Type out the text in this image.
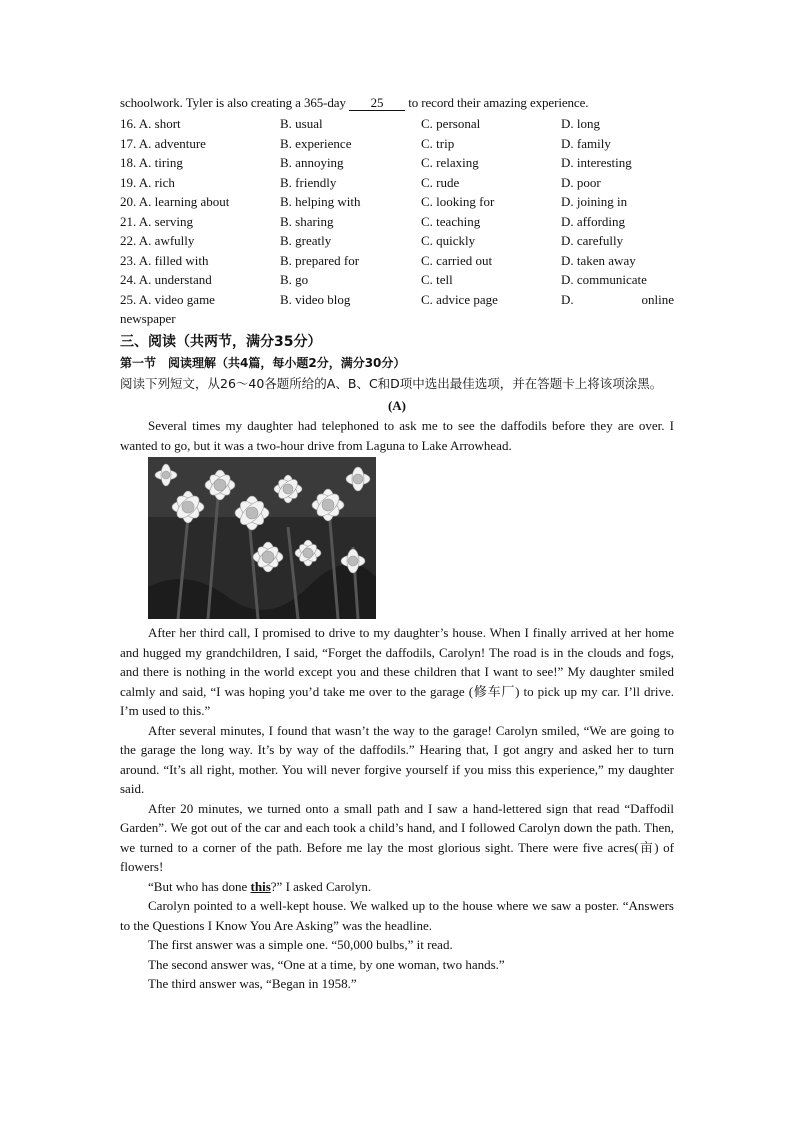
schoolwork. Tyler is also creating a 365-day 25 to record their amazing experience.
16. A. short	B. usual	C. personal	D. long
17. A. adventure	B. experience	C. trip	D. family
18. A. tiring	B. annoying	C. relaxing	D. interesting
19. A. rich	B. friendly	C. rude	D. poor
20. A. learning about	B. helping with	C. looking for	D. joining in
21. A. serving	B. sharing	C. teaching	D. affording
22. A. awfully	B. greatly	C. quickly	D. carefully
23. A. filled with	B. prepared for	C. carried out	D. taken away
24. A. understand	B. go	C. tell	D. communicate
25. A. video game	B. video blog	C. advice page	D.	online
newspaper
三、阅读（共两节，满分35分）
第一节　阅读理解（共4篇，每小题2分，满分30分）
阅读下列短文，从26～40各题所给的A、B、C和D项中选出最佳选项，并在答题卡上将该项涂黑。
(A)

Several times my daughter had telephoned to ask me to see the daffodils before they are over. I wanted to go, but it was a two-hour drive from Laguna to Lake Arrowhead.

After her third call, I promised to drive to my daughter’s house. When I finally arrived at her home and hugged my grandchildren, I said, “Forget the daffodils, Carolyn! The road is in the clouds and fogs, and there is nothing in the world except you and these children that I want to see!” My daughter smiled calmly and said, “I was hoping you’d take me over to the garage (修车厂) to pick up my car. I’ll drive. I’m used to this.”

After several minutes, I found that wasn’t the way to the garage! Carolyn smiled, “We are going to the garage the long way. It’s by way of the daffodils.” Hearing that, I got angry and asked her to turn around. “It’s all right, mother. You will never forgive yourself if you miss this experience,” my daughter said.

After 20 minutes, we turned onto a small path and I saw a hand-lettered sign that read “Daffodil Garden”. We got out of the car and each took a child’s hand, and I followed Carolyn down the path. Then, we turned to a corner of the path. Before me lay the most glorious sight. There were five acres(亩) of flowers!

“But who has done this?” I asked Carolyn.

Carolyn pointed to a well-kept house. We walked up to the house where we saw a poster. “Answers to the Questions I Know You Are Asking” was the headline.

The first answer was a simple one. “50,000 bulbs,” it read.

The second answer was, “One at a time, by one woman, two hands.”

The third answer was, “Began in 1958.”
